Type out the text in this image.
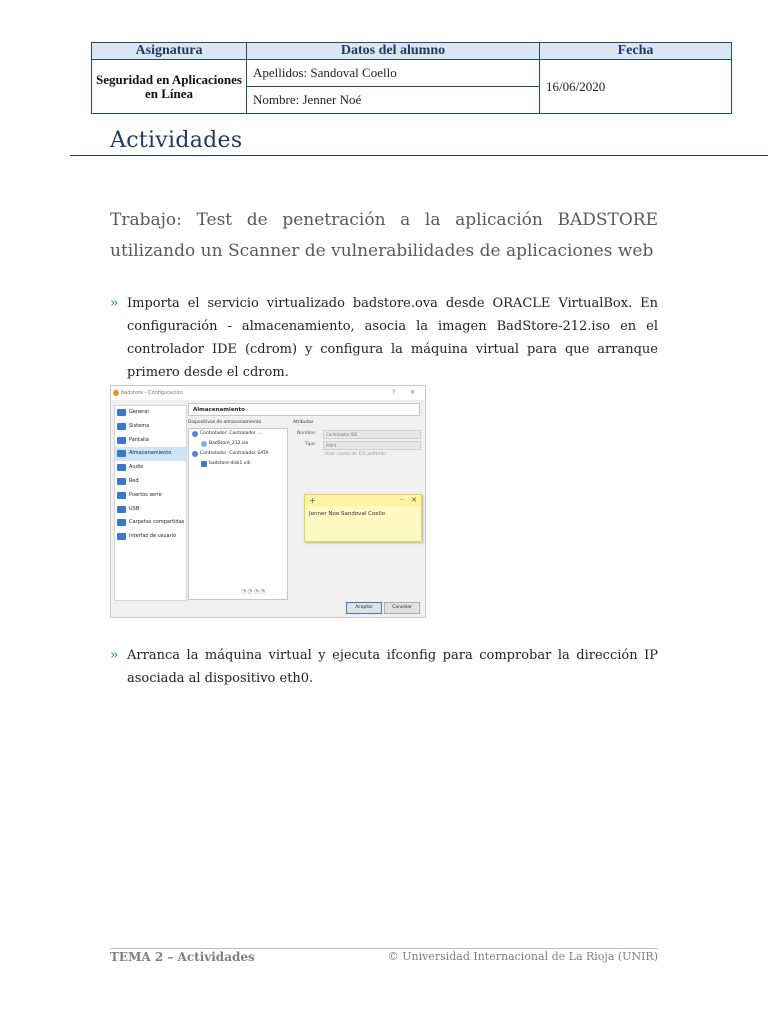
Asignatura	Datos del alumno	Fecha
Seguridad en Aplicaciones en Línea	Apellidos: Sandoval Coello	16/06/2020
	Nombre: Jenner Noé	
Actividades
Trabajo: Test de penetración a la aplicación BADSTORE utilizando un Scanner de vulnerabilidades de aplicaciones web
» Importa el servicio virtualizado badstore.ova desde ORACLE VirtualBox. En configuración - almacenamiento, asocia la imagen BadStore-212.iso en el controlador IDE (cdrom) y configura la máquina virtual para que arranque primero desde el cdrom.
badstore - Configuración	? ✕
General
Sistema
Pantalla
Almacenamiento
Audio
Red
Puertos serie
USB
Carpetas compartidas
Interfaz de usuario
Almacenamiento
Dispositivos de almacenamiento
Controlador: Controlador ...
BadStore_212.iso
Controlador: Controlador SATA
badstore-disk1.vdi
◔◔◔◔
Atributos
Nombre:	Controlador IDE
Tipo:	PIIX4
Usar caché de E/S anfitrión
+	··· ✕
Jenner Noe Sandoval Coello
Aceptar	Cancelar
» Arranca la máquina virtual y ejecuta ifconfig para comprobar la dirección IP asociada al dispositivo eth0.
TEMA 2 – Actividades	© Universidad Internacional de La Rioja (UNIR)
